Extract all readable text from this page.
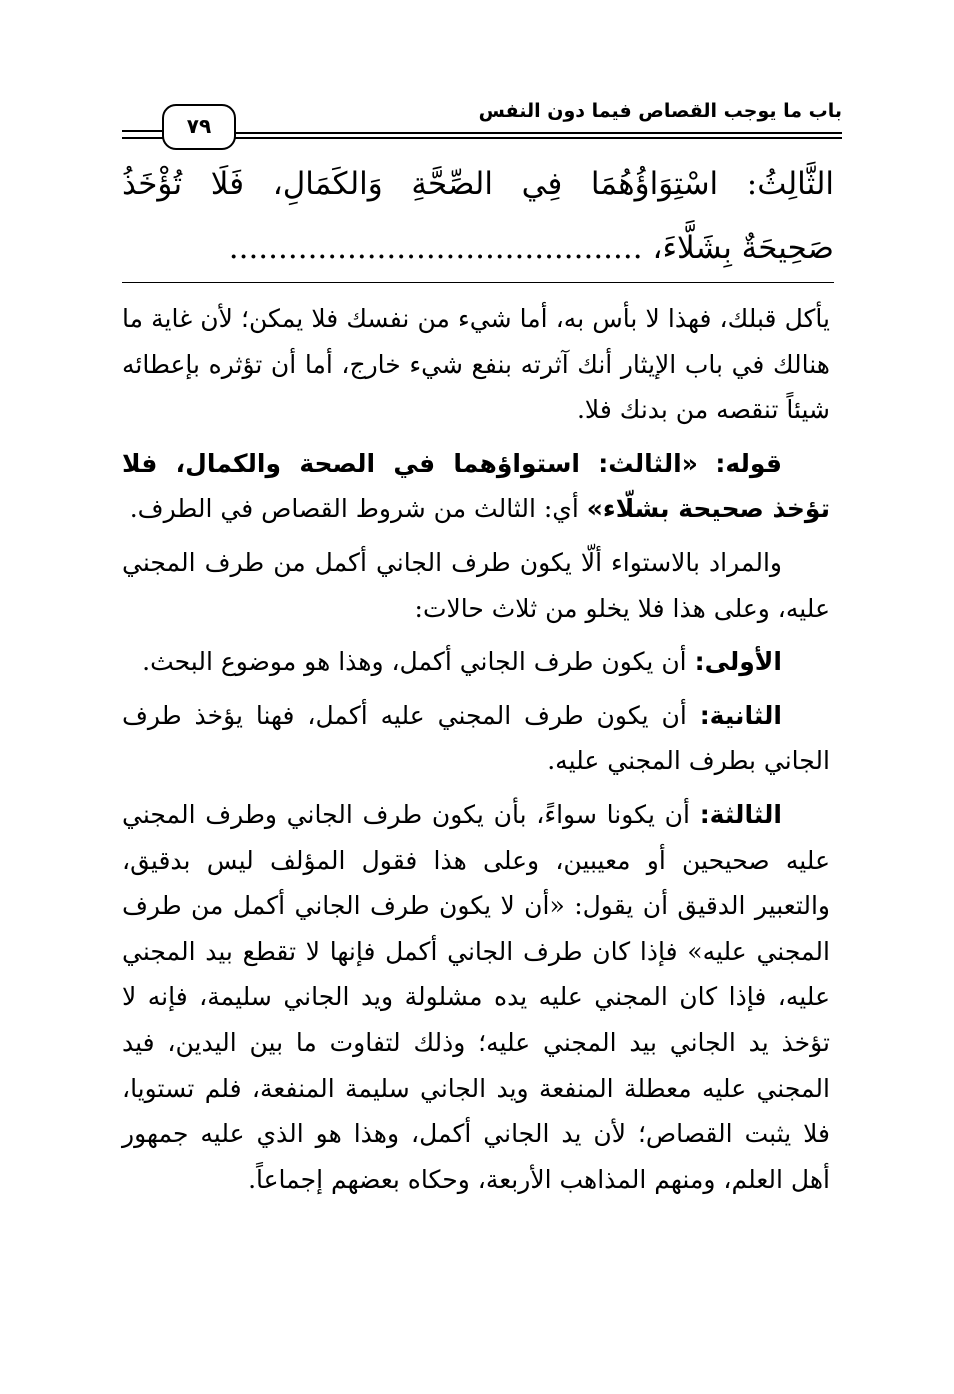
باب ما يوجب القصاص فيما دون النفس
٧٩
الثَّالِثُ: اسْتِوَاؤُهُمَا فِي الصِّحَّةِ وَالكَمَالِ، فَلَا تُؤْخَذُ
صَحِيحَةٌ بِشَلَّاءَ، ..........................................

يأكل قبلك، فهذا لا بأس به، أما شيء من نفسك فلا يمكن؛ لأن غاية ما هنالك في باب الإيثار أنك آثرته بنفع شيء خارج، أما أن تؤثره بإعطائه شيئاً تنقصه من بدنك فلا.

قوله: «الثالث: استواؤهما في الصحة والكمال، فلا تؤخذ صحيحة بشلّاء» أي: الثالث من شروط القصاص في الطرف.

والمراد بالاستواء ألّا يكون طرف الجاني أكمل من طرف المجني عليه، وعلى هذا فلا يخلو من ثلاث حالات:

الأولى: أن يكون طرف الجاني أكمل، وهذا هو موضوع البحث.

الثانية: أن يكون طرف المجني عليه أكمل، فهنا يؤخذ طرف الجاني بطرف المجني عليه.

الثالثة: أن يكونا سواءً، بأن يكون طرف الجاني وطرف المجني عليه صحيحين أو معيبين، وعلى هذا فقول المؤلف ليس بدقيق، والتعبير الدقيق أن يقول: «أن لا يكون طرف الجاني أكمل من طرف المجني عليه» فإذا كان طرف الجاني أكمل فإنها لا تقطع بيد المجني عليه، فإذا كان المجني عليه يده مشلولة ويد الجاني سليمة، فإنه لا تؤخذ يد الجاني بيد المجني عليه؛ وذلك لتفاوت ما بين اليدين، فيد المجني عليه معطلة المنفعة ويد الجاني سليمة المنفعة، فلم تستويا، فلا يثبت القصاص؛ لأن يد الجاني أكمل، وهذا هو الذي عليه جمهور أهل العلم، ومنهم المذاهب الأربعة، وحكاه بعضهم إجماعاً.
